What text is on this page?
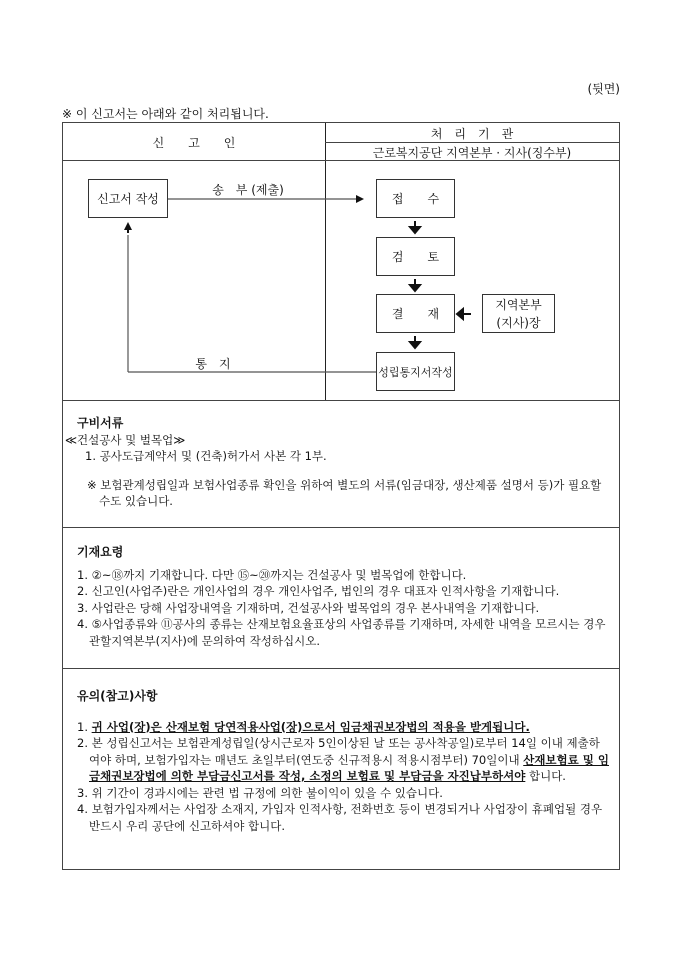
(뒷면)
※ 이 신고서는 아래와 같이 처리됩니다.
신　　고　　인
처　리　기　관
근로복지공단 지역본부 · 지사(징수부)
신고서 작성
송　부 (제출)
접　　수
검　　토
결　　재
지역본부
(지사)장
성립통지서작성
통　지
구비서류
≪건설공사 및 벌목업≫
1. 공사도급계약서 및 (건축)허가서 사본 각 1부.
※ 보험관계성립일과 보험사업종류 확인을 위하여 별도의 서류(임금대장, 생산제품 설명서 등)가 필요할 수도 있습니다.
기재요령
1. ②~⑱까지 기재합니다. 다만 ⑮~⑳까지는 건설공사 및 벌목업에 한합니다.
2. 신고인(사업주)란은 개인사업의 경우 개인사업주, 법인의 경우 대표자 인적사항을 기재합니다.
3. 사업란은 당해 사업장내역을 기재하며, 건설공사와 벌목업의 경우 본사내역을 기재합니다.
4. ⑤사업종류와 ⑪공사의 종류는 산재보험요율표상의 사업종류를 기재하며, 자세한 내역을 모르시는 경우 관할지역본부(지사)에 문의하여 작성하십시오.
유의(참고)사항
1. 귀 사업(장)은 산재보험 당연적용사업(장)으로서 임금채권보장법의 적용을 받게됩니다.
2. 본 성립신고서는 보험관계성립일(상시근로자 5인이상된 날 또는 공사착공일)로부터 14일 이내 제출하여야 하며, 보험가입자는 매년도 초일부터(연도중 신규적용시 적용시점부터) 70일이내 산재보험료 및 임금채권보장법에 의한 부담금신고서를 작성, 소정의 보험료 및 부담금을 자진납부하셔야 합니다.
3. 위 기간이 경과시에는 관련 법 규정에 의한 불이익이 있을 수 있습니다.
4. 보험가입자께서는 사업장 소재지, 가입자 인적사항, 전화번호 등이 변경되거나 사업장이 휴폐업될 경우 반드시 우리 공단에 신고하셔야 합니다.
